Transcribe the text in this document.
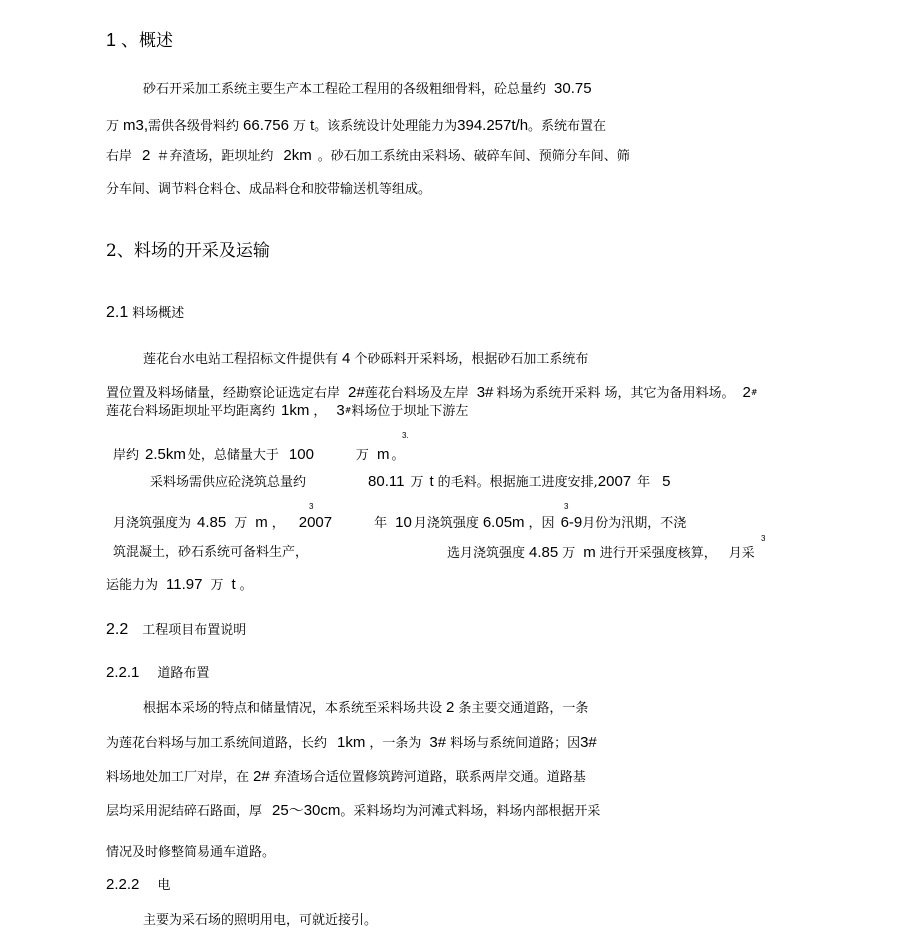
1 、概述
砂石开采加工系统主要生产本工程砼工程用的各级粗细骨料，砼总量约 30.75
万 m3,需供各级骨料约 66.756 万 t。该系统设计处理能力为394.257t/h。系统布置在
右岸 2 ＃弃渣场，距坝址约 2km 。砂石加工系统由采料场、破碎车间、预筛分车间、筛
分车间、调节料仓料仓、成品料仓和胶带输送机等组成。
2、料场的开采及运输
2.1 料场概述
莲花台水电站工程招标文件提供有 4 个砂砾料开采料场，根据砂石加工系统布
置位置及料场储量，经勘察论证选定右岸 2#莲花台料场及左岸 3# 料场为系统开采料 场，其它为备用料场。 2#
莲花台料场距坝址平均距离约 1km ， 3#料场位于坝址下游左
3.
岸约 2.5km 处，总储量大于 100	万 m 。
采料场需供应砼浇筑总量约	80.11 万 t 的毛料。根据施工进度安排,2007 年 5
3	3
月浇筑强度为 4.85 万 m ， 2007	年 10 月浇筑强度 6.05m ，因 6-9月份为汛期，不浇
3
筑混凝土，砂石系统可备料生产，	选月浇筑强度 4.85 万 m 进行开采强度核算， 月采
运能力为 11.97 万 t 。
2.2 工程项目布置说明
2.2.1 道路布置
根据本采场的特点和储量情况，本系统至采料场共设 2 条主要交通道路，一条
为莲花台料场与加工系统间道路，长约 1km ，一条为 3# 料场与系统间道路；因3#
料场地处加工厂对岸，在 2# 弃渣场合适位置修筑跨河道路，联系两岸交通。道路基
层均采用泥结碎石路面，厚 25～30cm。采料场均为河滩式料场，料场内部根据开采
情况及时修整简易通车道路。
2.2.2 电
主要为采石场的照明用电，可就近接引。
